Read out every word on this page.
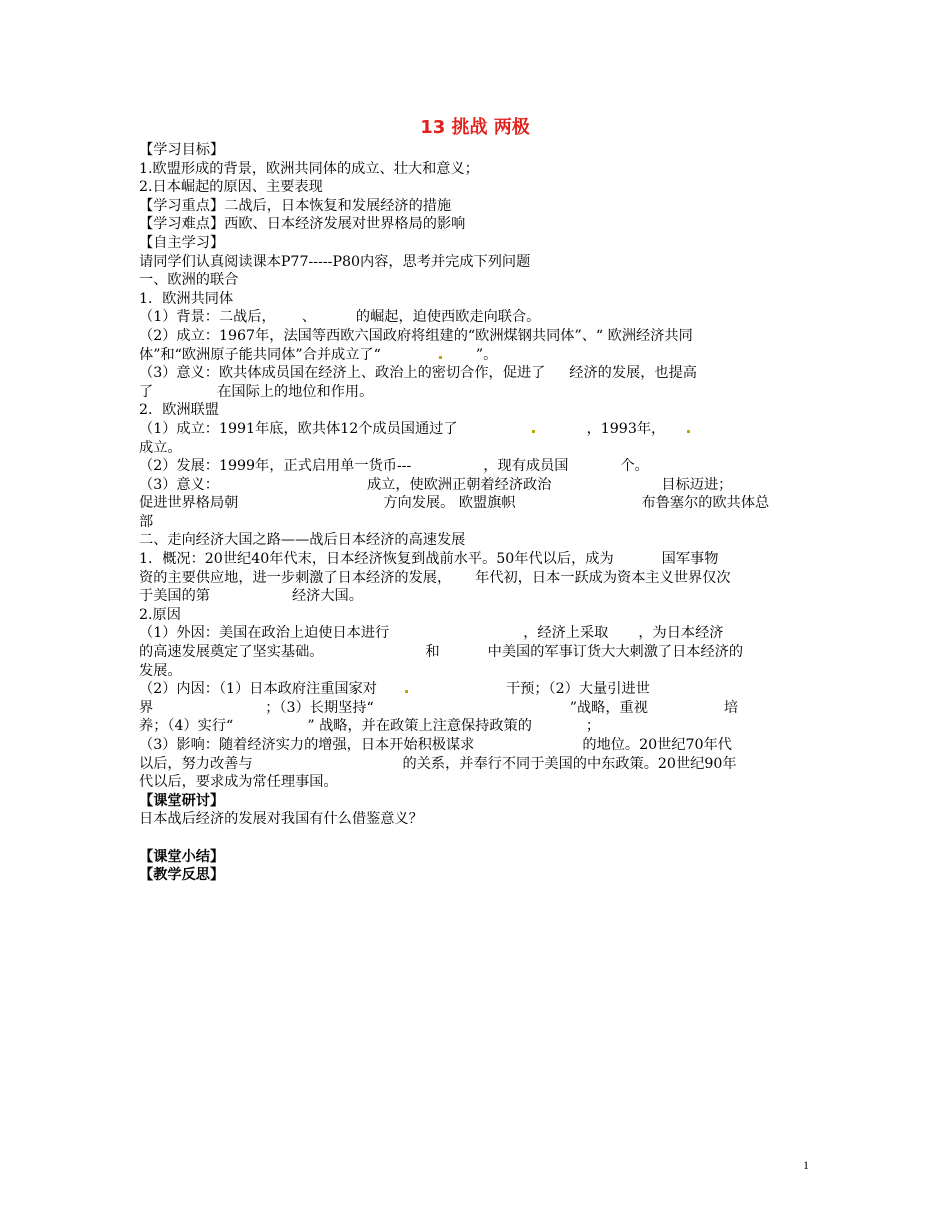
13 挑战 两极
【学习目标】
1.欧盟形成的背景，欧洲共同体的成立、壮大和意义；
2.日本崛起的原因、主要表现
【学习重点】二战后，日本恢复和发展经济的措施
【学习难点】西欧、日本经济发展对世界格局的影响
【自主学习】
请同学们认真阅读课本P77-----P80内容，思考并完成下列问题
一、欧洲的联合
1．欧洲共同体
（1）背景：二战后， 、	的崛起，迫使西欧走向联合。
（2）成立：1967年，法国等西欧六国政府将组建的“欧洲煤钢共同体”、“ 欧洲经济共同
体”和“欧洲原子能共同体”合并成立了“	”。
（3）意义：欧共体成员国在经济上、政治上的密切合作，促进了 经济的发展，也提高
了	在国际上的地位和作用。
2．欧洲联盟
（1）成立：1991年底，欧共体12个成员国通过了	，1993年，
成立。
（2）发展：1999年，正式启用单一货币---	，现有成员国	个。
（3）意义：	成立，使欧洲正朝着经济政治	目标迈进；
促进世界格局朝	方向发展。 欧盟旗帜	布鲁塞尔的欧共体总
部
二、走向经济大国之路——战后日本经济的高速发展
1．概况：20世纪40年代末，日本经济恢复到战前水平。50年代以后，成为	国军事物
资的主要供应地，进一步刺激了日本经济的发展， 年代初，日本一跃成为资本主义世界仅次
于美国的第	经济大国。
2.原因
（1）外因：美国在政治上迫使日本进行	，经济上采取 ，为日本经济
的高速发展奠定了坚实基础。	和	中美国的军事订货大大刺激了日本经济的
发展。
（2）内因：（1）日本政府注重国家对	干预；（2）大量引进世
界	；（3）长期坚持“	”战略，重视	培
养；（4）实行“	” 战略，并在政策上注意保持政策的	；
（3）影响：随着经济实力的增强，日本开始积极谋求	的地位。20世纪70年代
以后，努力改善与	的关系，并奉行不同于美国的中东政策。20世纪90年
代以后，要求成为常任理事国。
【课堂研讨】
日本战后经济的发展对我国有什么借鉴意义？
【课堂小结】
【教学反思】
1
